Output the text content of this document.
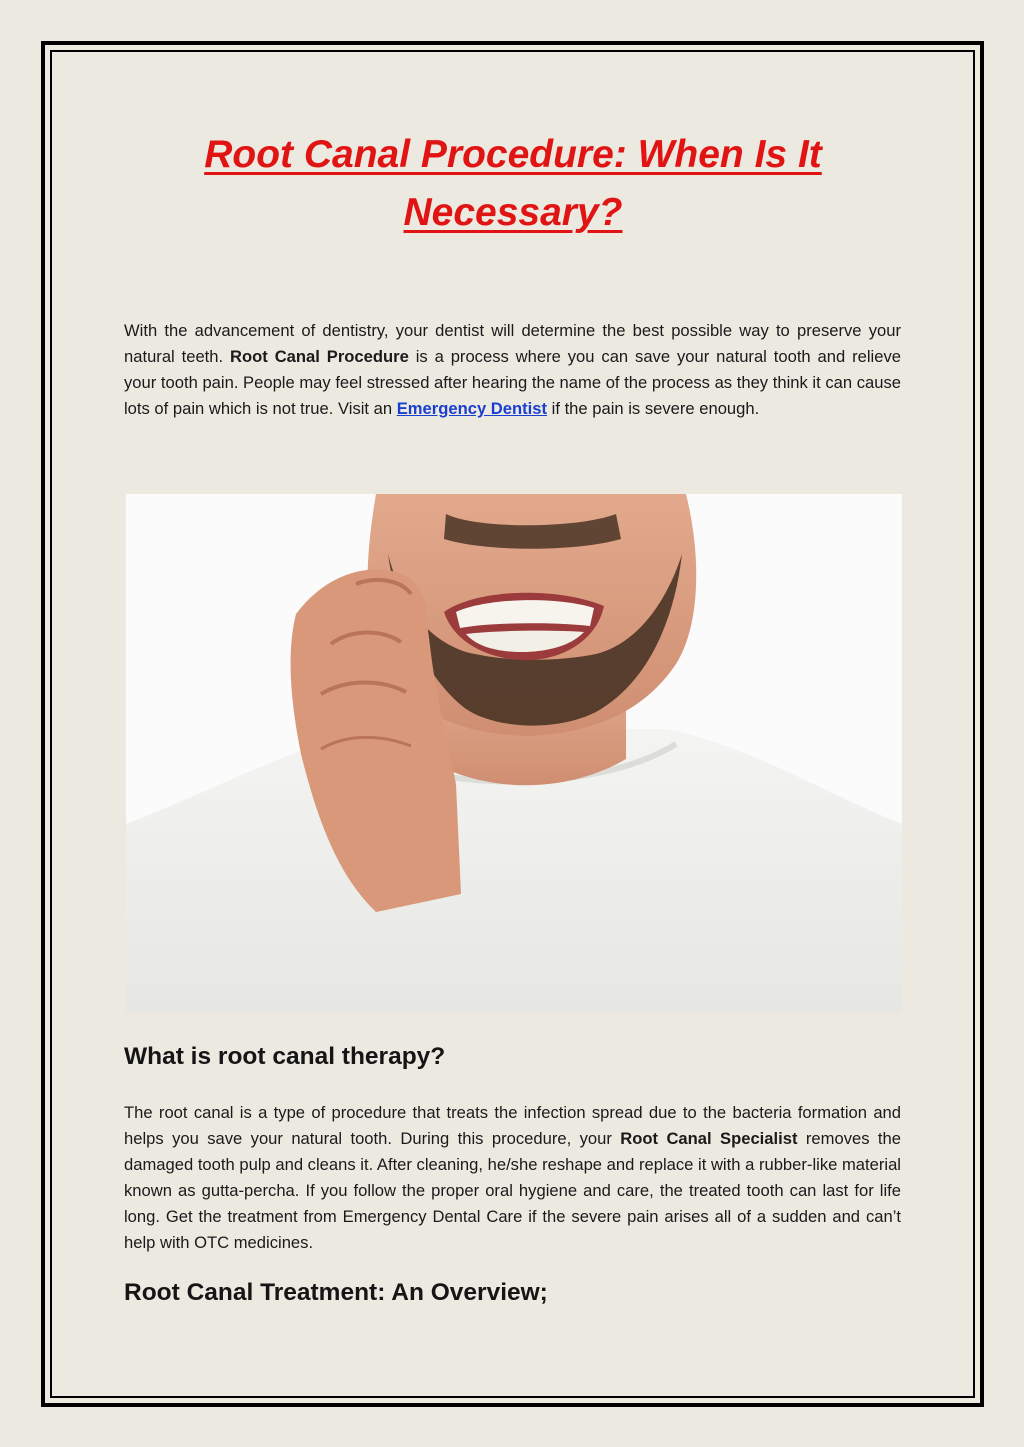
Root Canal Procedure: When Is It Necessary?

With the advancement of dentistry, your dentist will determine the best possible way to preserve your natural teeth. Root Canal Procedure is a process where you can save your natural tooth and relieve your tooth pain. People may feel stressed after hearing the name of the process as they think it can cause lots of pain which is not true. Visit an Emergency Dentist if the pain is severe enough.

What is root canal therapy?

The root canal is a type of procedure that treats the infection spread due to the bacteria formation and helps you save your natural tooth. During this procedure, your Root Canal Specialist removes the damaged tooth pulp and cleans it. After cleaning, he/she reshape and replace it with a rubber-like material known as gutta-percha. If you follow the proper oral hygiene and care, the treated tooth can last for life long. Get the treatment from Emergency Dental Care if the severe pain arises all of a sudden and can’t help with OTC medicines.

Root Canal Treatment: An Overview;
